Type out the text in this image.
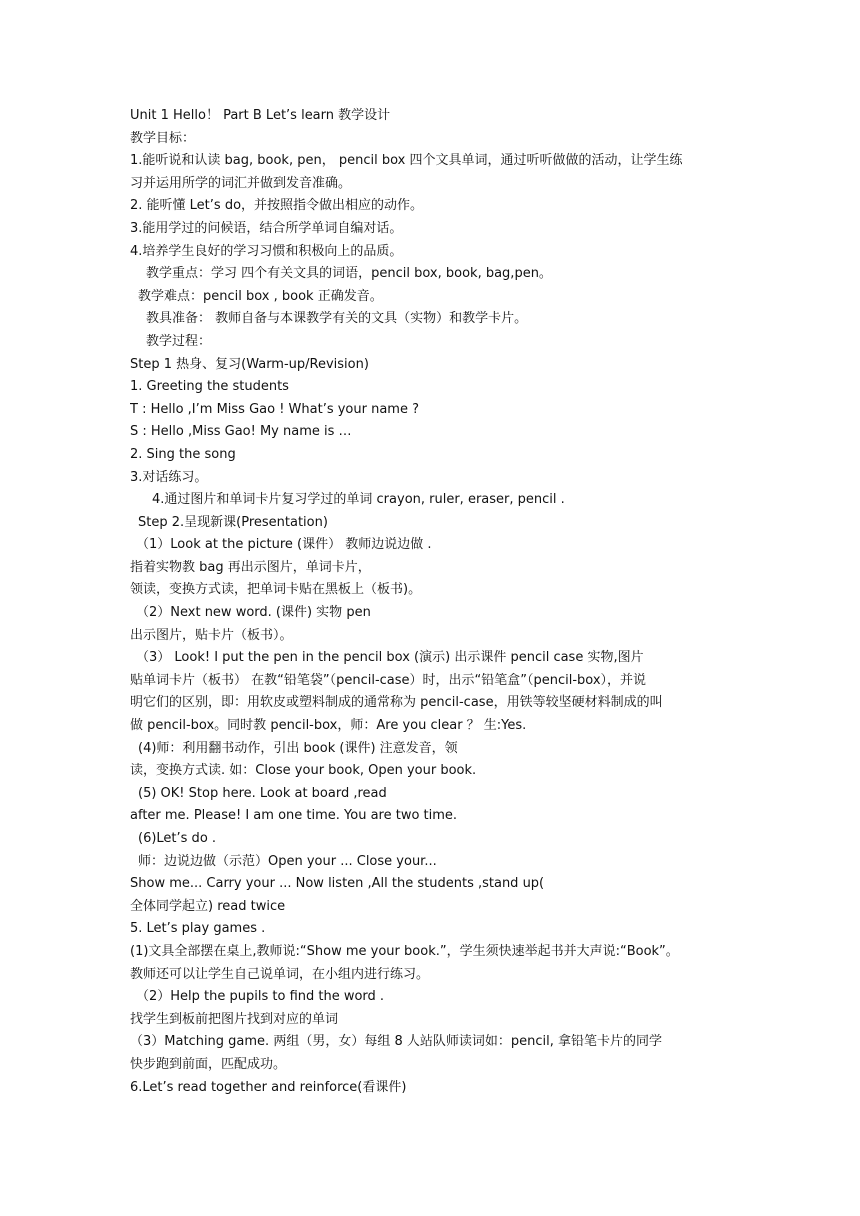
Unit 1 Hello！ Part B Let’s learn 教学设计
教学目标：
1.能听说和认读 bag, book, pen， pencil box 四个文具单词，通过听听做做的活动，让学生练
习并运用所学的词汇并做到发音准确。
2. 能听懂 Let’s do，并按照指令做出相应的动作。
3.能用学过的问候语，结合所学单词自编对话。
4.培养学生良好的学习习惯和积极向上的品质。
教学重点：学习 四个有关文具的词语，pencil box, book, bag,pen。
教学难点：pencil box , book 正确发音。
教具准备： 教师自备与本课教学有关的文具（实物）和教学卡片。
教学过程：
Step 1 热身、复习(Warm-up/Revision)
1. Greeting the students
T : Hello ,I’m Miss Gao ! What’s your name ?
S : Hello ,Miss Gao! My name is …
2. Sing the song
3.对话练习。
4.通过图片和单词卡片复习学过的单词 crayon, ruler, eraser, pencil .
Step 2.呈现新课(Presentation)
（1）Look at the picture (课件） 教师边说边做 .
指着实物教 bag 再出示图片，单词卡片，
领读，变换方式读，把单词卡贴在黑板上（板书)。
（2）Next new word. (课件) 实物 pen
出示图片，贴卡片（板书）。
（3） Look! I put the pen in the pencil box (演示) 出示课件 pencil case 实物,图片
贴单词卡片（板书） 在教“铅笔袋”（pencil-case）时，出示“铅笔盒”（pencil-box），并说
明它们的区别，即：用软皮或塑料制成的通常称为 pencil-case，用铁等较坚硬材料制成的叫
做 pencil-box。同时教 pencil-box，师：Are you clear ？ 生:Yes.
(4)师：利用翻书动作，引出 book (课件) 注意发音，领
读，变换方式读. 如：Close your book, Open your book.
(5) OK! Stop here. Look at board ,read
after me. Please! I am one time. You are two time.
(6)Let’s do .
师：边说边做（示范）Open your ... Close your...
Show me... Carry your ... Now listen ,All the students ,stand up(
全体同学起立) read twice
5. Let’s play games .
(1)文具全部摆在桌上,教师说:“Show me your book.”，学生须快速举起书并大声说:“Book”。
教师还可以让学生自己说单词，在小组内进行练习。
（2）Help the pupils to find the word .
找学生到板前把图片找到对应的单词
（3）Matching game. 两组（男，女）每组 8 人站队师读词如：pencil, 拿铅笔卡片的同学
快步跑到前面，匹配成功。
6.Let’s read together and reinforce(看课件)
